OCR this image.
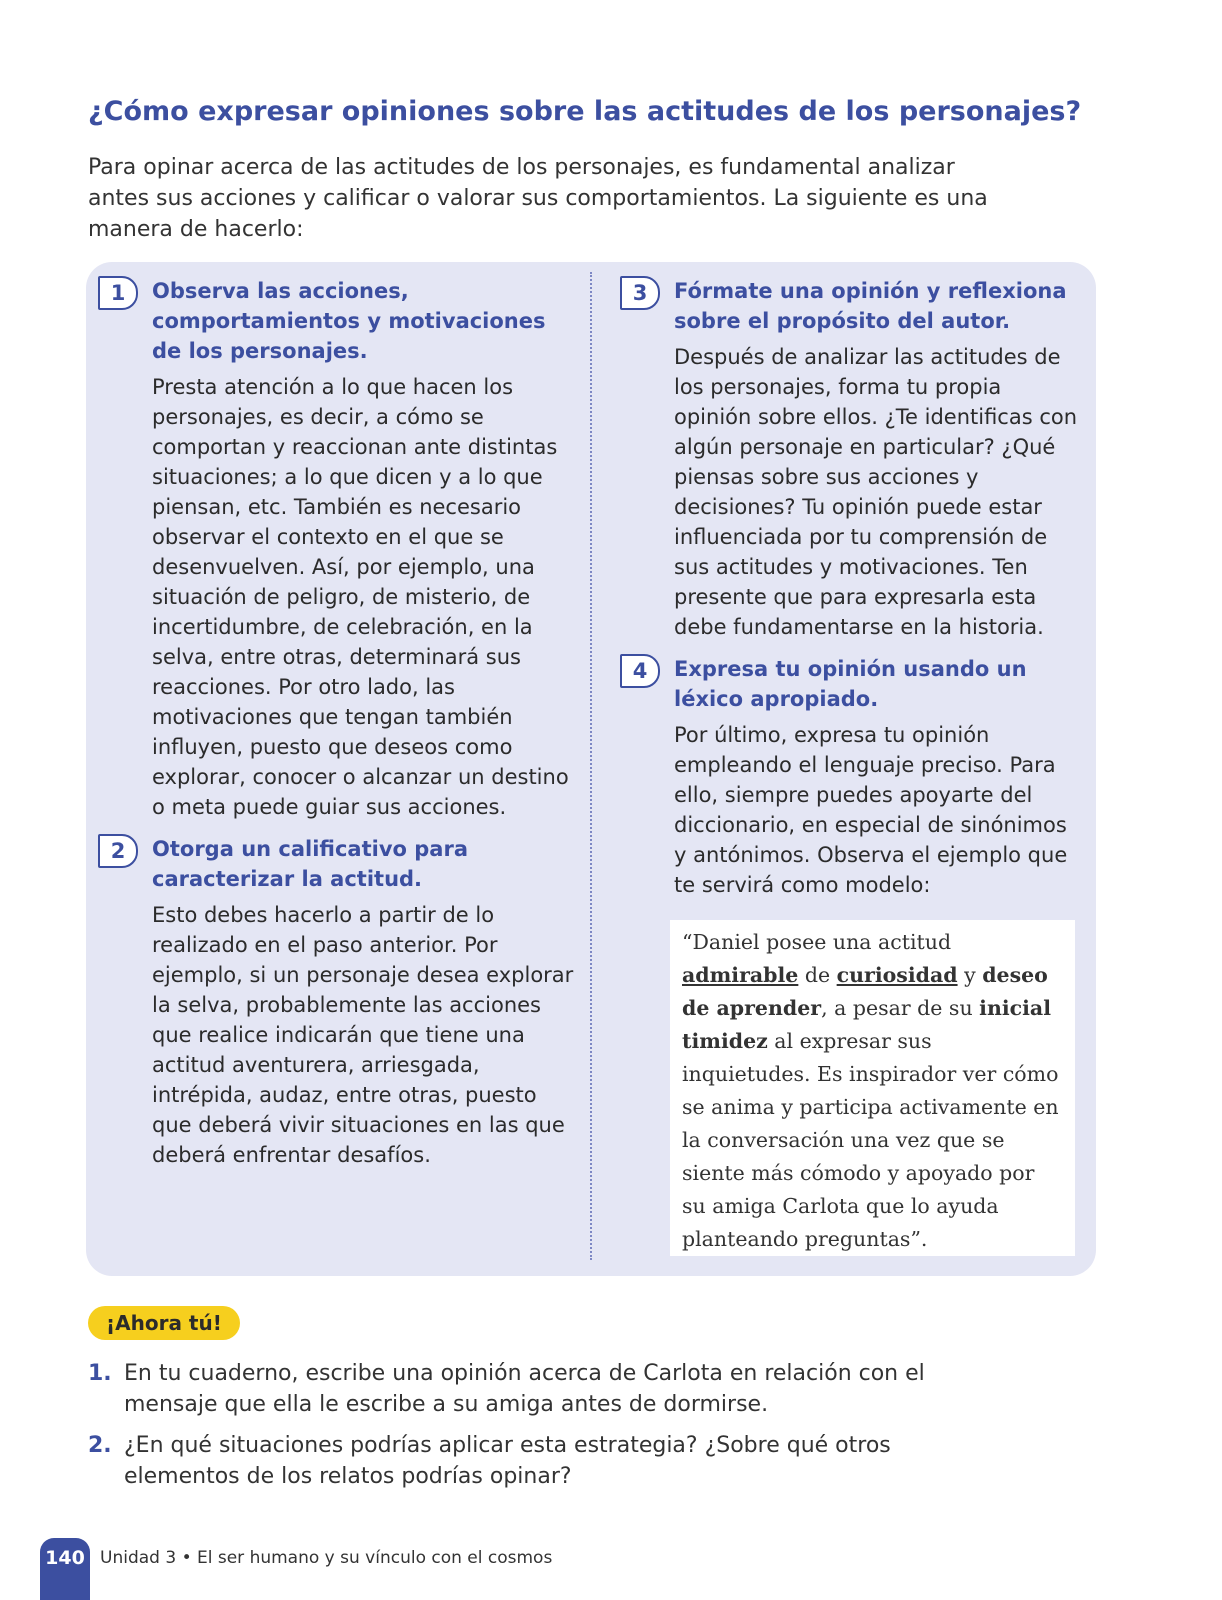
¿Cómo expresar opiniones sobre las actitudes de los personajes?

Para opinar acerca de las actitudes de los personajes, es fundamental analizar antes sus acciones y calificar o valorar sus comportamientos. La siguiente es una manera de hacerlo:

1	Observa las acciones, comportamientos y motivaciones de los personajes.

Presta atención a lo que hacen los personajes, es decir, a cómo se comportan y reaccionan ante distintas situaciones; a lo que dicen y a lo que piensan, etc. También es necesario observar el contexto en el que se desenvuelven. Así, por ejemplo, una situación de peligro, de misterio, de incertidumbre, de celebración, en la selva, entre otras, determinará sus reacciones. Por otro lado, las motivaciones que tengan también influyen, puesto que deseos como explorar, conocer o alcanzar un destino o meta puede guiar sus acciones.

2	Otorga un calificativo para caracterizar la actitud.

Esto debes hacerlo a partir de lo realizado en el paso anterior. Por ejemplo, si un personaje desea explorar la selva, probablemente las acciones que realice indicarán que tiene una actitud aventurera, arriesgada, intrépida, audaz, entre otras, puesto que deberá vivir situaciones en las que deberá enfrentar desafíos.

3	Fórmate una opinión y reflexiona sobre el propósito del autor.

Después de analizar las actitudes de los personajes, forma tu propia opinión sobre ellos. ¿Te identificas con algún personaje en particular? ¿Qué piensas sobre sus acciones y decisiones? Tu opinión puede estar influenciada por tu comprensión de sus actitudes y motivaciones. Ten presente que para expresarla esta debe fundamentarse en la historia.

4	Expresa tu opinión usando un léxico apropiado.

Por último, expresa tu opinión empleando el lenguaje preciso. Para ello, siempre puedes apoyarte del diccionario, en especial de sinónimos y antónimos. Observa el ejemplo que te servirá como modelo:

“Daniel posee una actitud admirable de curiosidad y deseo de aprender, a pesar de su inicial timidez al expresar sus inquietudes. Es inspirador ver cómo se anima y participa activamente en la conversación una vez que se siente más cómodo y apoyado por su amiga Carlota que lo ayuda planteando preguntas”.
¡Ahora tú!
1. En tu cuaderno, escribe una opinión acerca de Carlota en relación con el mensaje que ella le escribe a su amiga antes de dormirse.
2. ¿En qué situaciones podrías aplicar esta estrategia? ¿Sobre qué otros elementos de los relatos podrías opinar?
140 Unidad 3 • El ser humano y su vínculo con el cosmos
